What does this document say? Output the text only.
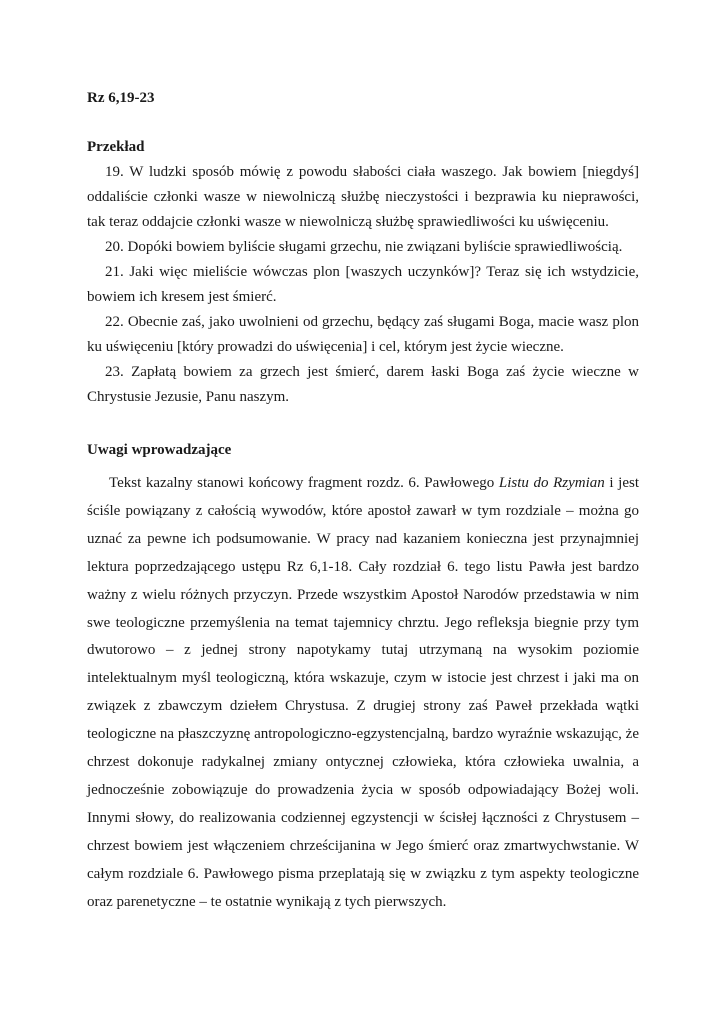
Rz 6,19-23
Przekład

19. W ludzki sposób mówię z powodu słabości ciała waszego. Jak bowiem [niegdyś] oddaliście członki wasze w niewolniczą służbę nieczystości i bezprawia ku nieprawości, tak teraz oddajcie członki wasze w niewolniczą służbę sprawiedliwości ku uświęceniu.

20. Dopóki bowiem byliście sługami grzechu, nie związani byliście sprawiedliwością.

21. Jaki więc mieliście wówczas plon [waszych uczynków]? Teraz się ich wstydzicie, bowiem ich kresem jest śmierć.

22. Obecnie zaś, jako uwolnieni od grzechu, będący zaś sługami Boga, macie wasz plon ku uświęceniu [który prowadzi do uświęcenia] i cel, którym jest życie wieczne.

23. Zapłatą bowiem za grzech jest śmierć, darem łaski Boga zaś życie wieczne w Chrystusie Jezusie, Panu naszym.

Uwagi wprowadzające

Tekst kazalny stanowi końcowy fragment rozdz. 6. Pawłowego Listu do Rzymian i jest ściśle powiązany z całością wywodów, które apostoł zawarł w tym rozdziale – można go uznać za pewne ich podsumowanie. W pracy nad kazaniem konieczna jest przynajmniej lektura poprzedzającego ustępu Rz 6,1-18. Cały rozdział 6. tego listu Pawła jest bardzo ważny z wielu różnych przyczyn. Przede wszystkim Apostoł Narodów przedstawia w nim swe teologiczne przemyślenia na temat tajemnicy chrztu. Jego refleksja biegnie przy tym dwutorowo – z jednej strony napotykamy tutaj utrzymaną na wysokim poziomie intelektualnym myśl teologiczną, która wskazuje, czym w istocie jest chrzest i jaki ma on związek z zbawczym dziełem Chrystusa. Z drugiej strony zaś Paweł przekłada wątki teologiczne na płaszczyznę antropologiczno-egzystencjalną, bardzo wyraźnie wskazując, że chrzest dokonuje radykalnej zmiany ontycznej człowieka, która człowieka uwalnia, a jednocześnie zobowiązuje do prowadzenia życia w sposób odpowiadający Bożej woli. Innymi słowy, do realizowania codziennej egzystencji w ścisłej łączności z Chrystusem – chrzest bowiem jest włączeniem chrześcijanina w Jego śmierć oraz zmartwychwstanie. W całym rozdziale 6. Pawłowego pisma przeplatają się w związku z tym aspekty teologiczne oraz parenetyczne – te ostatnie wynikają z tych pierwszych.
